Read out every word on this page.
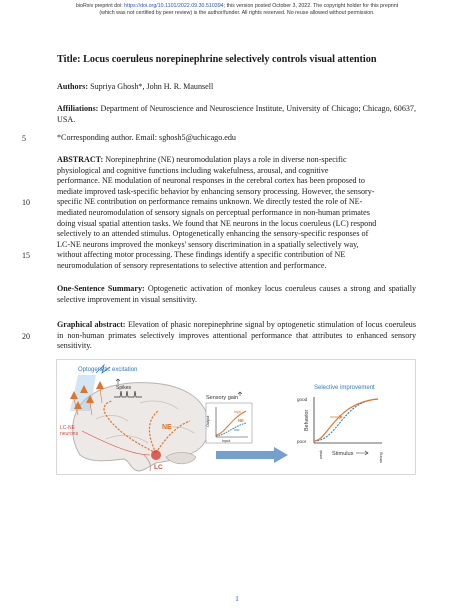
bioRxiv preprint doi: https://doi.org/10.1101/2022.09.30.510394; this version posted October 3, 2022. The copyright holder for this preprint
(which was not certified by peer review) is the author/funder. All rights reserved. No reuse allowed without permission.
Title: Locus coeruleus norepinephrine selectively controls visual attention
Authors: Supriya Ghosh*, John H. R. Maunsell
Affiliations: Department of Neuroscience and Neuroscience Institute, University of Chicago; Chicago, 60637, USA.
*Corresponding author. Email: sghosh5@uchicago.edu
5
10
15
20
ABSTRACT: Norepinephrine (NE) neuromodulation plays a role in diverse non-specific
physiological and cognitive functions including wakefulness, arousal, and cognitive
performance. NE modulation of neuronal responses in the cerebral cortex has been proposed to
mediate improved task-specific behavior by enhancing sensory processing. However, the sensory-
specific NE contribution on performance remains unknown. We directly tested the role of NE-
mediated neuromodulation of sensory signals on perceptual performance in non-human primates
doing visual spatial attention tasks. We found that NE neurons in the locus coeruleus (LC) respond
selectively to an attended stimulus. Optogenetically enhancing the sensory-specific responses of
LC-NE neurons improved the monkeys' sensory discrimination in a spatially selectively way,
without affecting motor processing. These findings identify a specific contribution of NE
neuromodulation of sensory representations to selective attention and performance.
One-Sentence Summary: Optogenetic activation of monkey locus coeruleus causes a strong and spatially selective improvement in visual sensitivity.
Graphical abstract: Elevation of phasic norepinephrine signal by optogenetic stimulation of locus coeruleus in non-human primates selectively improves attentional performance that attributes to enhanced sensory sensitivity.
Optogenetic excitation
Spikes
LC-NE
neurons
NE
LC
Sensory gain
Output
Input
high
low
NE
Selective improvement
good
poor
Behavior
Stimulus
weak	strong
1
